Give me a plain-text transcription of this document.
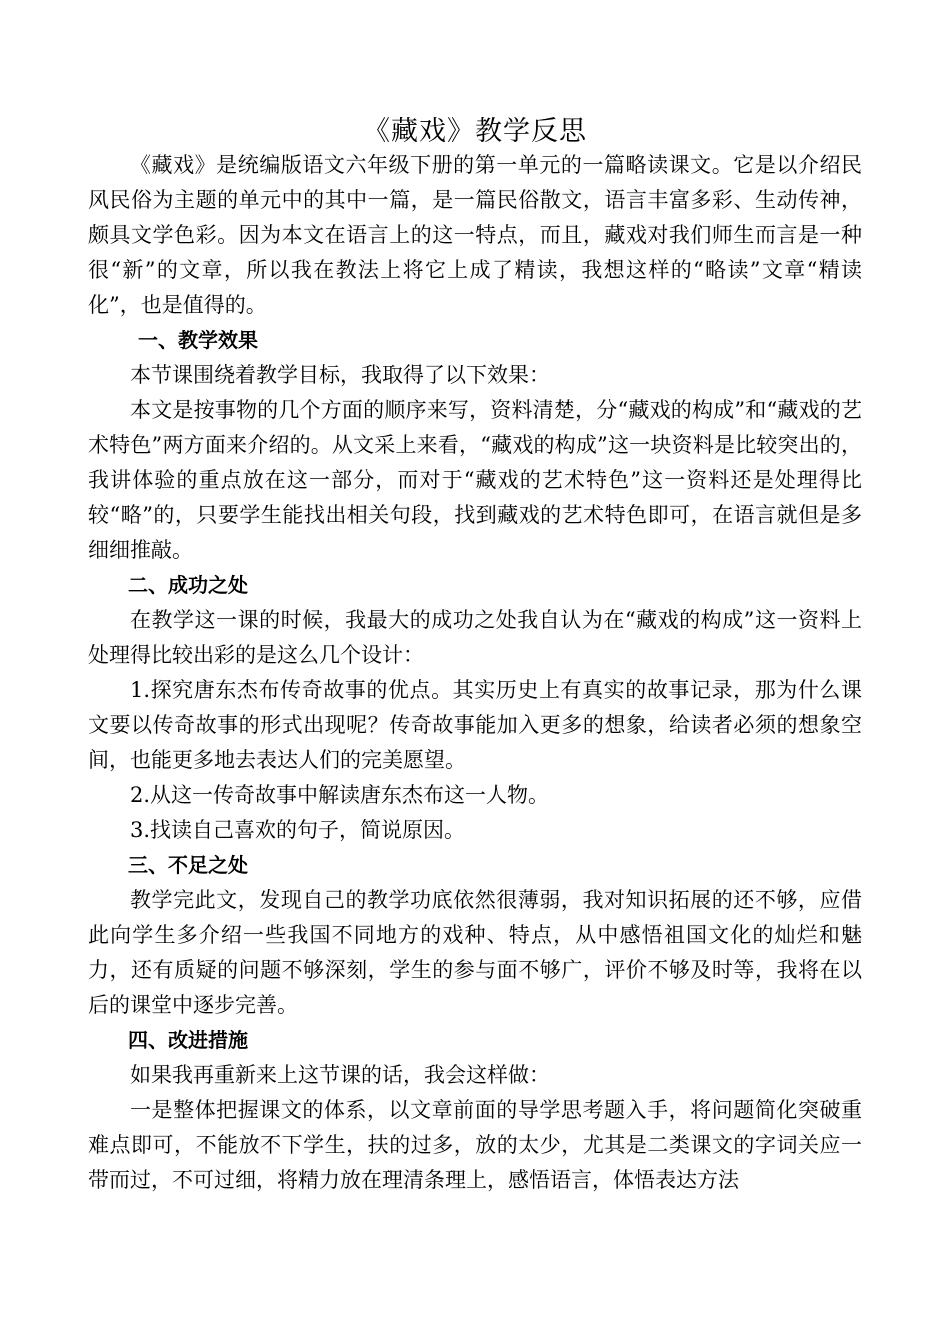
《藏戏》教学反思

《藏戏》是统编版语文六年级下册的第一单元的一篇略读课文。它是以介绍民风民俗为主题的单元中的其中一篇，是一篇民俗散文，语言丰富多彩、生动传神，颇具文学色彩。因为本文在语言上的这一特点，而且，藏戏对我们师生而言是一种很“新”的文章，所以我在教法上将它上成了精读，我想这样的“略读”文章“精读化”，也是值得的。

一、教学效果

本节课围绕着教学目标，我取得了以下效果：

本文是按事物的几个方面的顺序来写，资料清楚，分“藏戏的构成”和“藏戏的艺术特色”两方面来介绍的。从文采上来看，“藏戏的构成”这一块资料是比较突出的，我讲体验的重点放在这一部分，而对于“藏戏的艺术特色”这一资料还是处理得比较“略”的，只要学生能找出相关句段，找到藏戏的艺术特色即可，在语言就但是多细细推敲。

二、成功之处

在教学这一课的时候，我最大的成功之处我自认为在“藏戏的构成”这一资料上处理得比较出彩的是这么几个设计：

1.探究唐东杰布传奇故事的优点。其实历史上有真实的故事记录，那为什么课文要以传奇故事的形式出现呢？传奇故事能加入更多的想象，给读者必须的想象空间，也能更多地去表达人们的完美愿望。

2.从这一传奇故事中解读唐东杰布这一人物。

3.找读自己喜欢的句子，简说原因。

三、不足之处

教学完此文，发现自己的教学功底依然很薄弱，我对知识拓展的还不够，应借此向学生多介绍一些我国不同地方的戏种、特点，从中感悟祖国文化的灿烂和魅力，还有质疑的问题不够深刻，学生的参与面不够广，评价不够及时等，我将在以后的课堂中逐步完善。

四、改进措施

如果我再重新来上这节课的话，我会这样做：

一是整体把握课文的体系，以文章前面的导学思考题入手，将问题简化突破重难点即可，不能放不下学生，扶的过多，放的太少，尤其是二类课文的字词关应一带而过，不可过细，将精力放在理清条理上，感悟语言，体悟表达方法
